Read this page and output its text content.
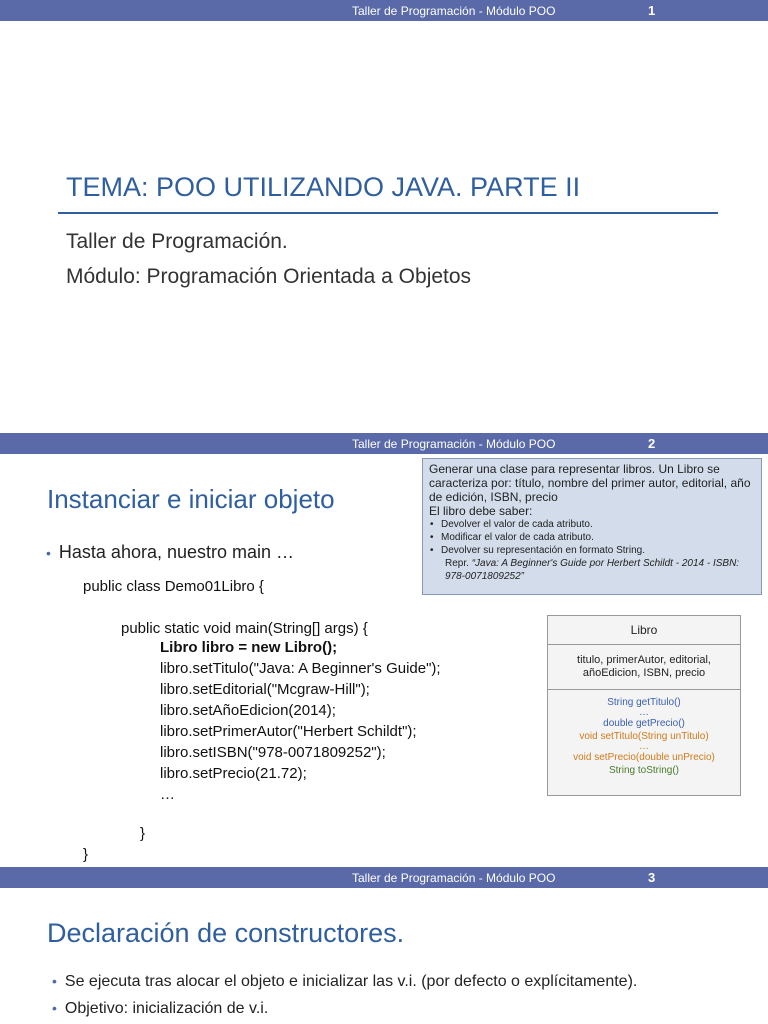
Taller de Programación - Módulo POO	1
TEMA: POO UTILIZANDO JAVA. PARTE II
Taller de Programación.
Módulo: Programación Orientada a Objetos
Taller de Programación - Módulo POO	2
Instanciar e iniciar objeto
• Hasta ahora, nuestro main …
public class Demo01Libro {
public static void main(String[] args) {
Libro libro = new Libro();
libro.setTitulo("Java: A Beginner's Guide");
libro.setEditorial("Mcgraw-Hill");
libro.setAñoEdicion(2014);
libro.setPrimerAutor("Herbert Schildt");
libro.setISBN("978-0071809252");
libro.setPrecio(21.72);
…
}
}
Generar una clase para representar libros. Un Libro se caracteriza por: título, nombre del primer autor, editorial, año de edición, ISBN, precio
El libro debe saber:
• Devolver el valor de cada atributo.
• Modificar el valor de cada atributo.
• Devolver su representación en formato String.
Repr. “Java: A Beginner's Guide por Herbert Schildt - 2014 - ISBN: 978-0071809252”
Libro
titulo, primerAutor, editorial, añoEdicion, ISBN, precio
String getTitulo()
…
double getPrecio()
void setTitulo(String unTitulo)
…
void setPrecio(double unPrecio)
String toString()
Taller de Programación - Módulo POO	3
Declaración de constructores.
• Se ejecuta tras alocar el objeto e inicializar las v.i. (por defecto o explícitamente).
• Objetivo: inicialización de v.i.
